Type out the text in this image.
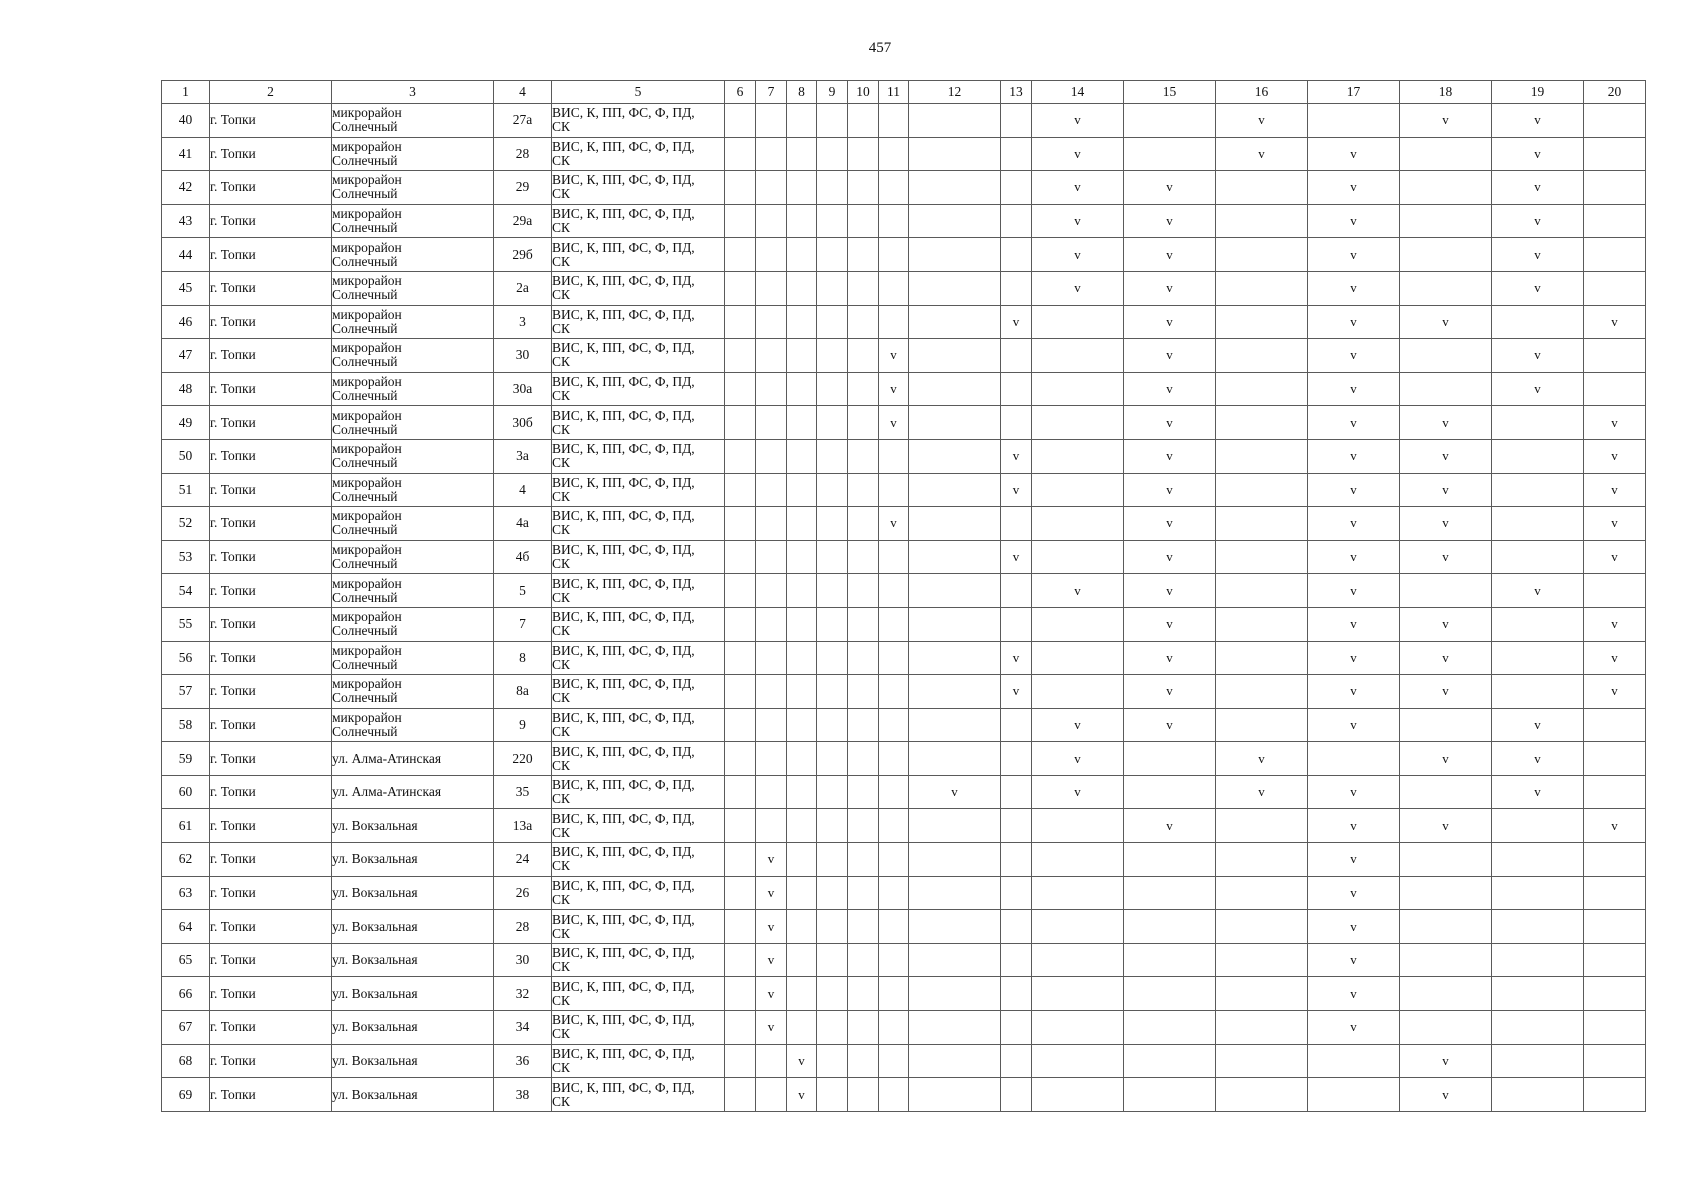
457
1	2	3	4	5	6	7	8	9	10	11	12	13	14	15	16	17	18	19	20
40	г. Топки	микрорайон
Солнечный	27а	ВИС, К, ПП, ФС, Ф, ПД,
СК									v		v		v	v	
41	г. Топки	микрорайон
Солнечный	28	ВИС, К, ПП, ФС, Ф, ПД,
СК									v		v	v		v	
42	г. Топки	микрорайон
Солнечный	29	ВИС, К, ПП, ФС, Ф, ПД,
СК									v	v		v		v	
43	г. Топки	микрорайон
Солнечный	29а	ВИС, К, ПП, ФС, Ф, ПД,
СК									v	v		v		v	
44	г. Топки	микрорайон
Солнечный	29б	ВИС, К, ПП, ФС, Ф, ПД,
СК									v	v		v		v	
45	г. Топки	микрорайон
Солнечный	2а	ВИС, К, ПП, ФС, Ф, ПД,
СК									v	v		v		v	
46	г. Топки	микрорайон
Солнечный	3	ВИС, К, ПП, ФС, Ф, ПД,
СК								v		v		v	v		v
47	г. Топки	микрорайон
Солнечный	30	ВИС, К, ПП, ФС, Ф, ПД,
СК						v				v		v		v	
48	г. Топки	микрорайон
Солнечный	30а	ВИС, К, ПП, ФС, Ф, ПД,
СК						v				v		v		v	
49	г. Топки	микрорайон
Солнечный	30б	ВИС, К, ПП, ФС, Ф, ПД,
СК						v				v		v	v		v
50	г. Топки	микрорайон
Солнечный	3а	ВИС, К, ПП, ФС, Ф, ПД,
СК								v		v		v	v		v
51	г. Топки	микрорайон
Солнечный	4	ВИС, К, ПП, ФС, Ф, ПД,
СК								v		v		v	v		v
52	г. Топки	микрорайон
Солнечный	4а	ВИС, К, ПП, ФС, Ф, ПД,
СК						v				v		v	v		v
53	г. Топки	микрорайон
Солнечный	4б	ВИС, К, ПП, ФС, Ф, ПД,
СК								v		v		v	v		v
54	г. Топки	микрорайон
Солнечный	5	ВИС, К, ПП, ФС, Ф, ПД,
СК									v	v		v		v	
55	г. Топки	микрорайон
Солнечный	7	ВИС, К, ПП, ФС, Ф, ПД,
СК										v		v	v		v
56	г. Топки	микрорайон
Солнечный	8	ВИС, К, ПП, ФС, Ф, ПД,
СК								v		v		v	v		v
57	г. Топки	микрорайон
Солнечный	8а	ВИС, К, ПП, ФС, Ф, ПД,
СК								v		v		v	v		v
58	г. Топки	микрорайон
Солнечный	9	ВИС, К, ПП, ФС, Ф, ПД,
СК									v	v		v		v	
59	г. Топки	ул. Алма-Атинская	220	ВИС, К, ПП, ФС, Ф, ПД,
СК									v		v		v	v	
60	г. Топки	ул. Алма-Атинская	35	ВИС, К, ПП, ФС, Ф, ПД,
СК							v		v		v	v		v	
61	г. Топки	ул. Вокзальная	13а	ВИС, К, ПП, ФС, Ф, ПД,
СК										v		v	v		v
62	г. Топки	ул. Вокзальная	24	ВИС, К, ПП, ФС, Ф, ПД,
СК		v										v			
63	г. Топки	ул. Вокзальная	26	ВИС, К, ПП, ФС, Ф, ПД,
СК		v										v			
64	г. Топки	ул. Вокзальная	28	ВИС, К, ПП, ФС, Ф, ПД,
СК		v										v			
65	г. Топки	ул. Вокзальная	30	ВИС, К, ПП, ФС, Ф, ПД,
СК		v										v			
66	г. Топки	ул. Вокзальная	32	ВИС, К, ПП, ФС, Ф, ПД,
СК		v										v			
67	г. Топки	ул. Вокзальная	34	ВИС, К, ПП, ФС, Ф, ПД,
СК		v										v			
68	г. Топки	ул. Вокзальная	36	ВИС, К, ПП, ФС, Ф, ПД,
СК			v										v		
69	г. Топки	ул. Вокзальная	38	ВИС, К, ПП, ФС, Ф, ПД,
СК			v										v		
